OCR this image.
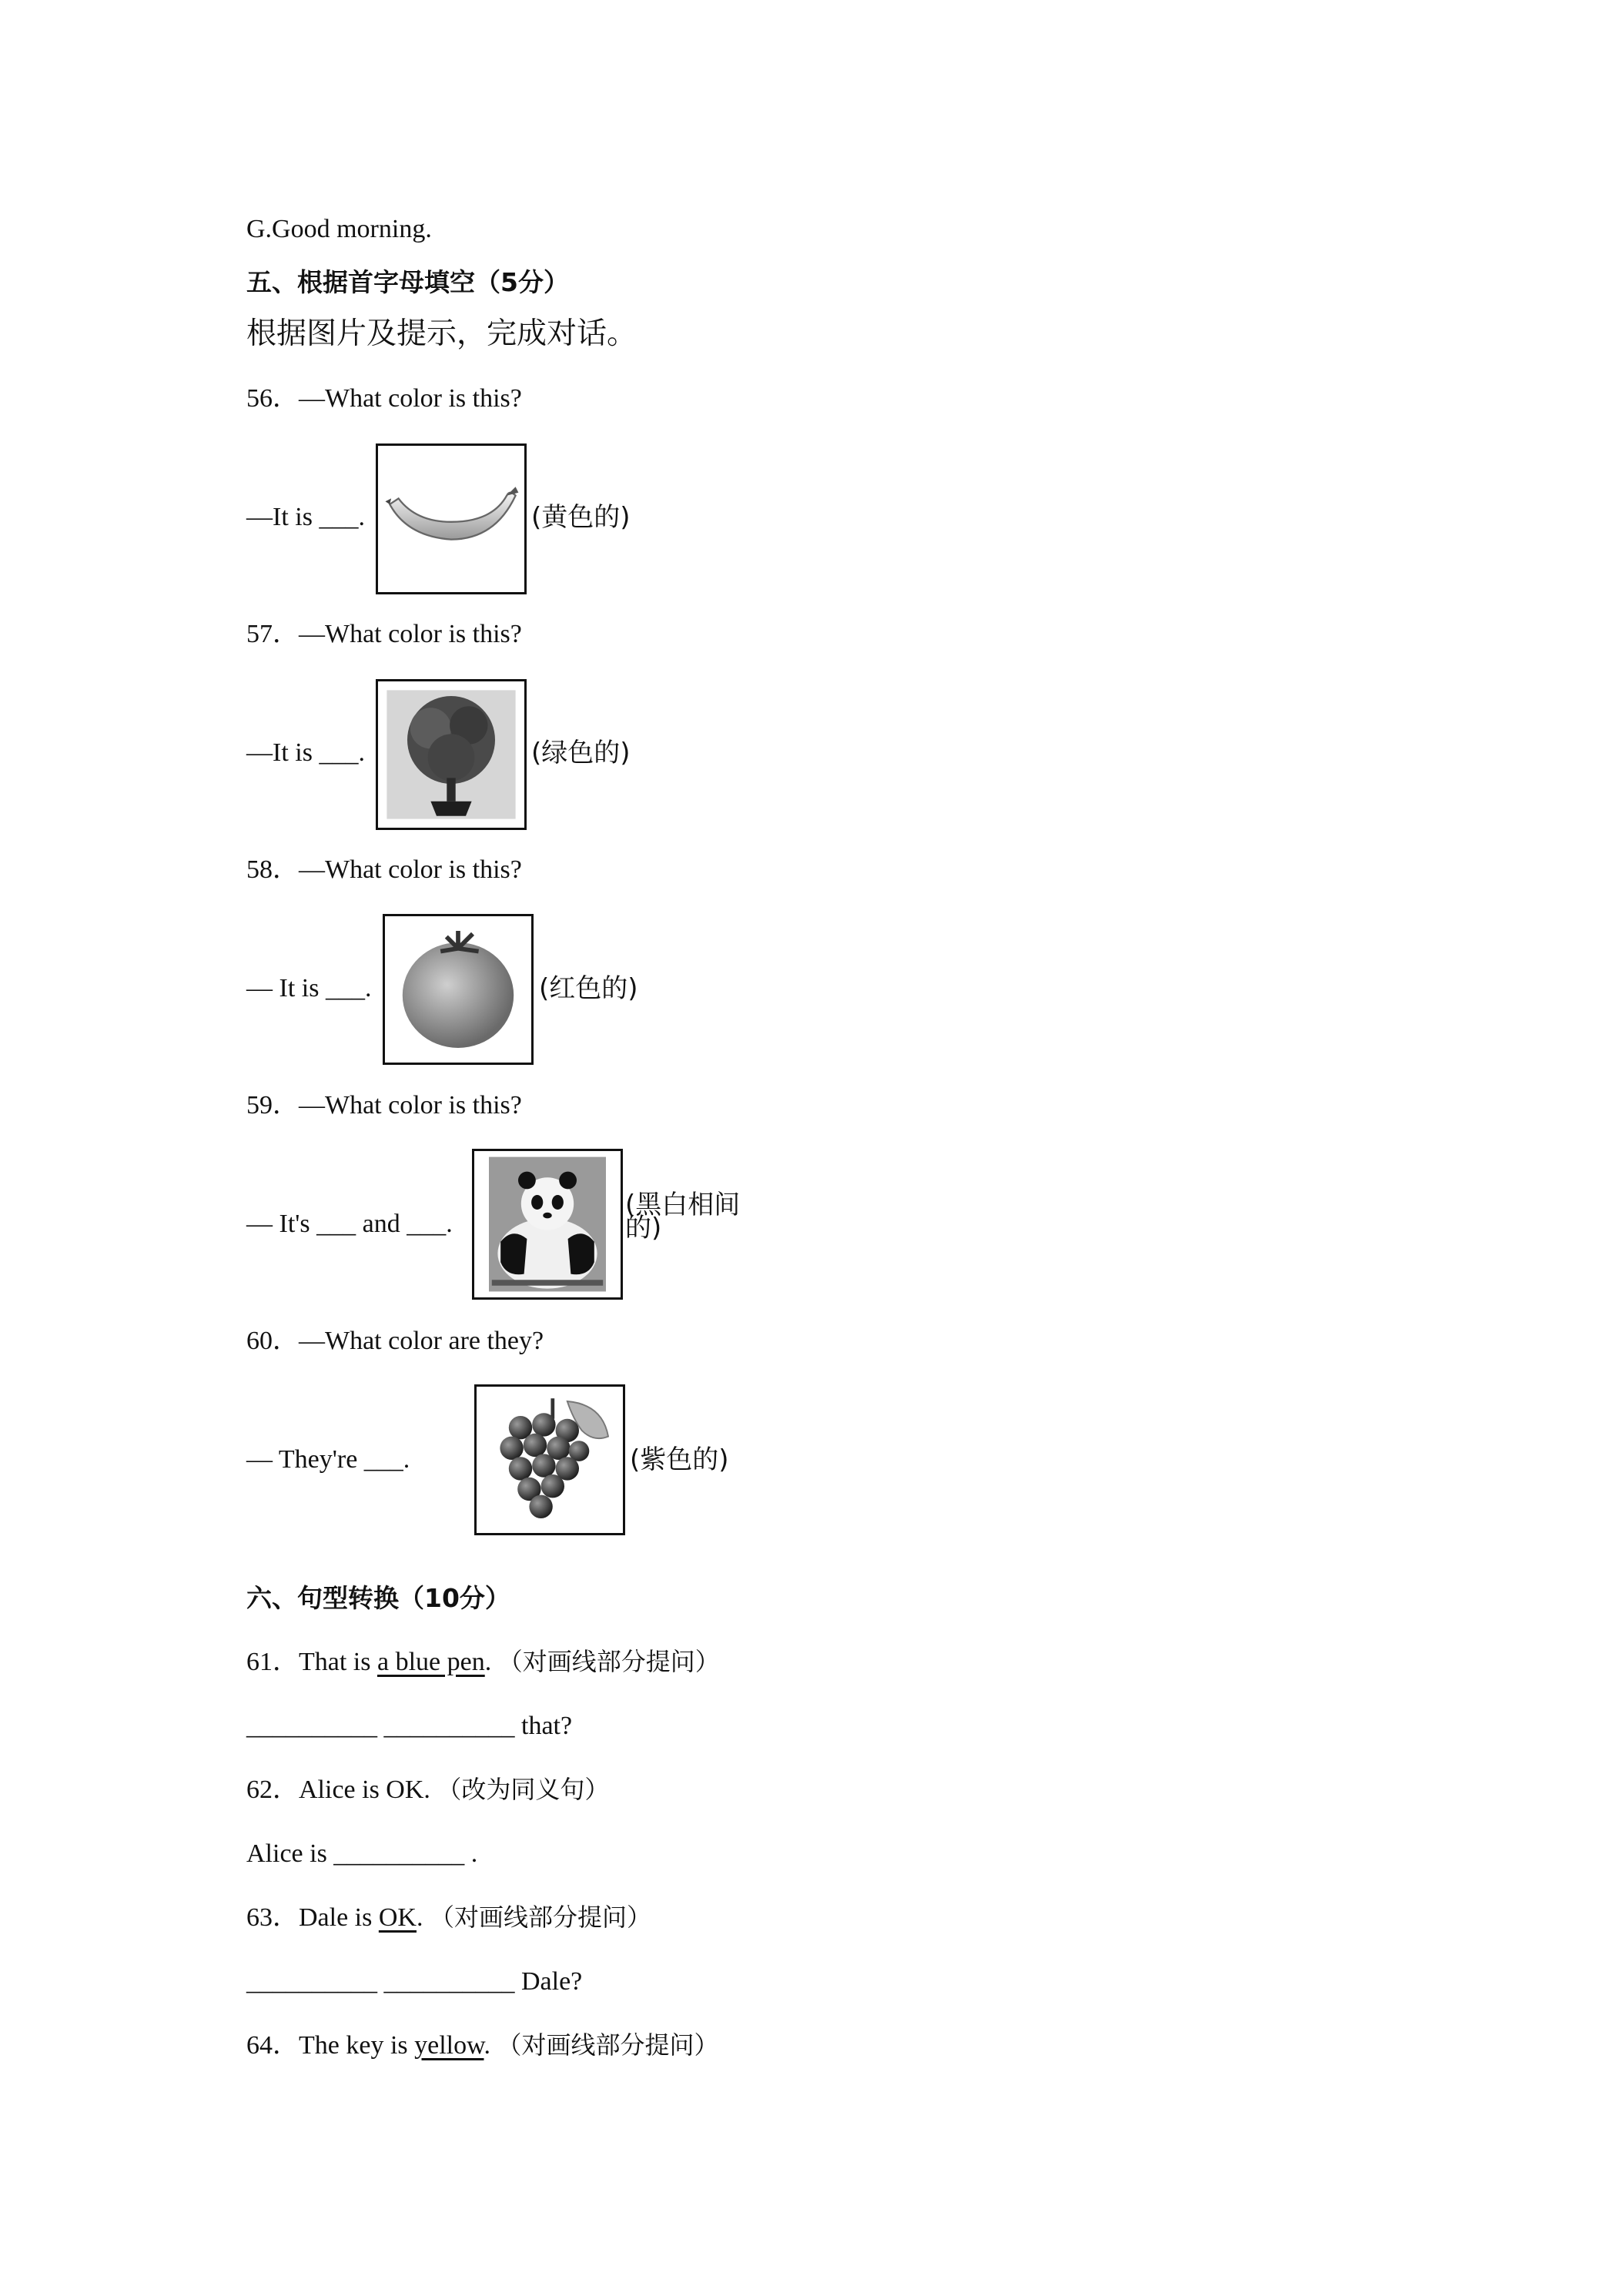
G.Good morning.
五、根据首字母填空（5分）
根据图片及提示，完成对话。
56．—What color is this?
—It is ___.	(黄色的)
57．—What color is this?
—It is ___.	(绿色的)
58．—What color is this?
— It is ___.	(红色的)
59．—What color is this?
— It's ___ and ___.
(黑白相间的)
60．—What color are they?
— They're ___.	(紫色的)
六、句型转换（10分）
61．That is a blue pen. （对画线部分提问）
__________ __________ that?
62．Alice is OK. （改为同义句）
Alice is __________ .
63．Dale is OK. （对画线部分提问）
__________ __________ Dale?
64．The key is yellow. （对画线部分提问）
